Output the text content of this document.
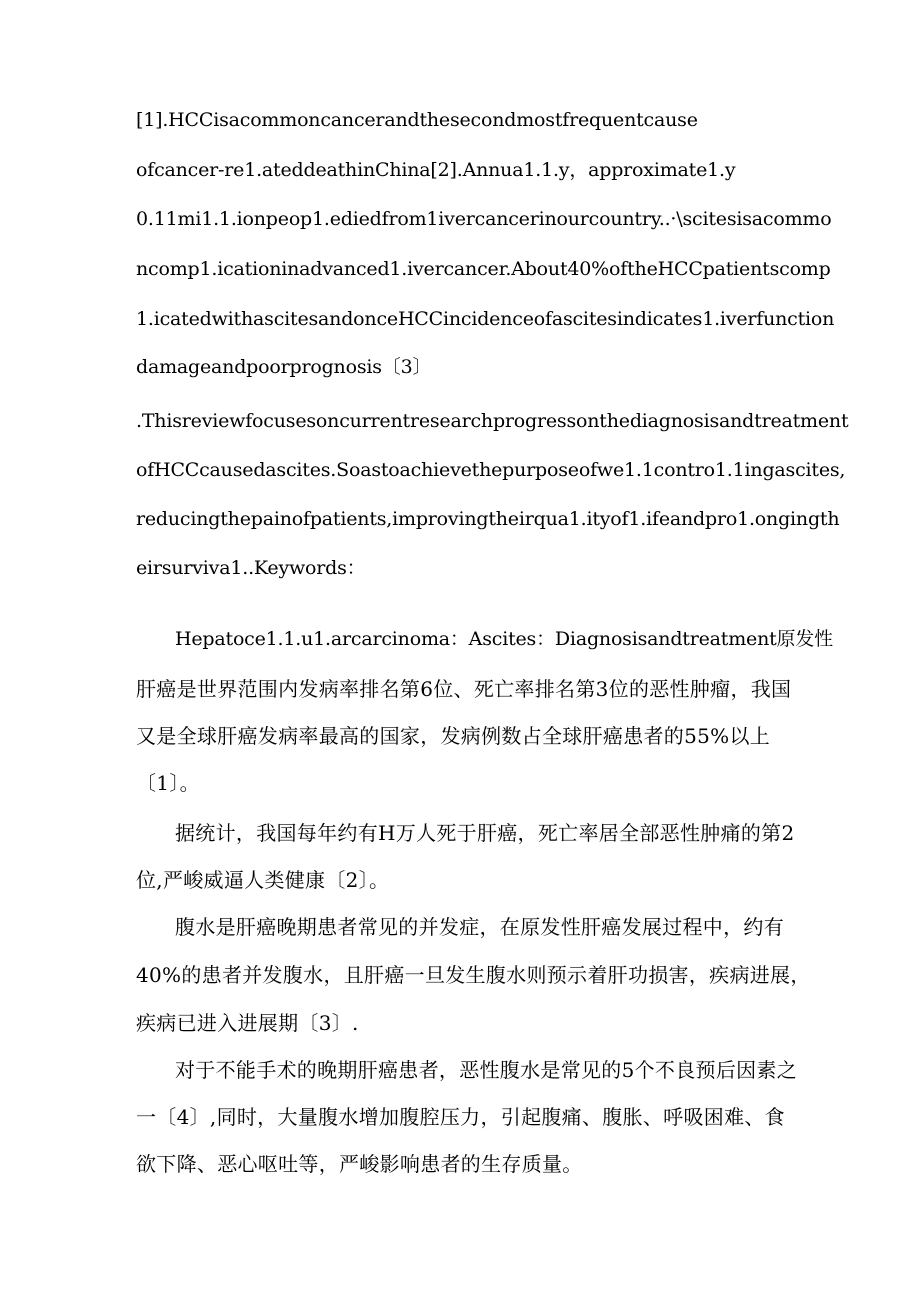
[1].HCCisacommoncancerandthesecondmostfrequentcause
ofcancer-re1.ateddeathinChina[2].Annua1.1.y，approximate1.y
0.11mi1.1.ionpeop1.ediedfrom1ivercancerinourcountry..·\scitesisacommo
ncomp1.icationinadvanced1.ivercancer.About40%oftheHCCpatientscomp
1.icatedwithascitesandonceHCCincidenceofascitesindicates1.iverfunction
damageandpoorprognosis〔3〕
.Thisreviewfocusesoncurrentresearchprogressonthediagnosisandtreatment
ofHCCcausedascites.Soastoachievethepurposeofwe1.1contro1.1ingascites,
reducingthepainofpatients,improvingtheirqua1.ityof1.ifeandpro1.ongingth
eirsurviva1..Keywords：
Hepatoce1.1.u1.arcarcinoma：Ascites：Diagnosisandtreatment原发性
肝癌是世界范围内发病率排名第6位、死亡率排名第3位的恶性肿瘤，我国
又是全球肝癌发病率最高的国家，发病例数占全球肝癌患者的55%以上
〔1〕。
据统计，我国每年约有H万人死于肝癌，死亡率居全部恶性肿痛的第2
位,严峻威逼人类健康〔2〕。
腹水是肝癌晚期患者常见的并发症，在原发性肝癌发展过程中，约有
40%的患者并发腹水，且肝癌一旦发生腹水则预示着肝功损害，疾病进展，
疾病已进入进展期〔3〕.
对于不能手术的晚期肝癌患者，恶性腹水是常见的5个不良预后因素之
一〔4〕,同时，大量腹水增加腹腔压力，引起腹痛、腹胀、呼吸困难、食
欲下降、恶心呕吐等，严峻影响患者的生存质量。
